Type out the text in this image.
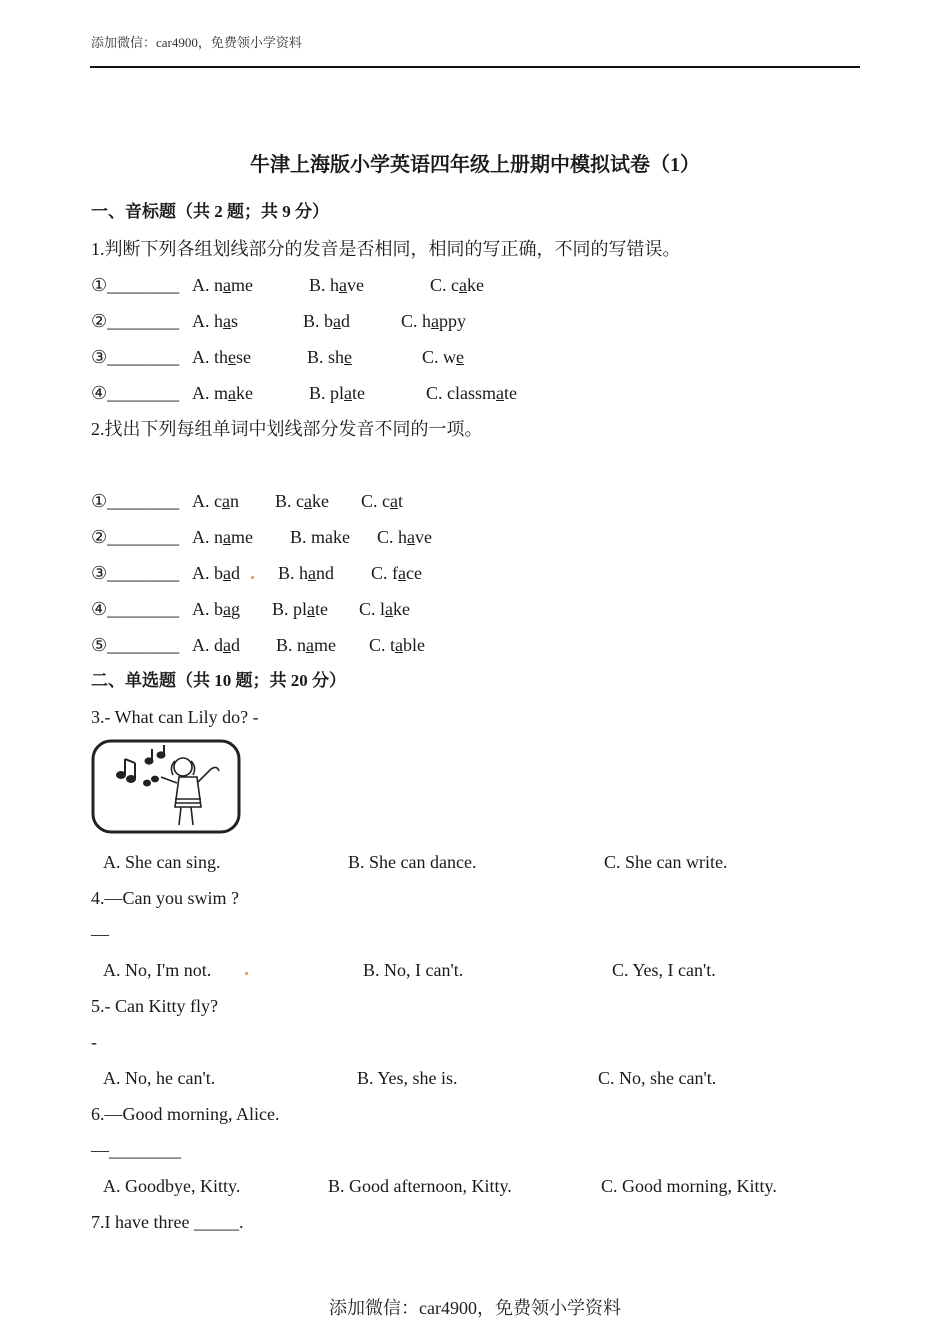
添加微信：car4900，免费领小学资料
牛津上海版小学英语四年级上册期中模拟试卷（1）
一、音标题（共 2 题；共 9 分）
1.判断下列各组划线部分的发音是否相同，相同的写正确，不同的写错误。
①________ A. name	B. have	C. cake
②________ A. has	B. bad	C. happy
③________ A. these	B. she	C. we
④________ A. make	B. plate	C. classmate
2.找出下列每组单词中划线部分发音不同的一项。
①________ A. can B. cake C. cat
②________ A. name B. make C. have
③________ A. bad B. hand C. face
④________ A. bag B. plate C. lake
⑤________ A. dad B. name C. table
二、单选题（共 10 题；共 20 分）
3.- What can Lily do? -
A. She can sing.	B. She can dance.	C. She can write.
4.—Can you swim ?
—
A. No, I'm not.	B. No, I can't.	C. Yes, I can't.
5.- Can Kitty fly?
-
A. No, he can't.	B. Yes, she is.	C. No, she can't.
6.—Good morning, Alice.
—________
A. Goodbye, Kitty.	B. Good afternoon, Kitty.	C. Good morning, Kitty.
7.I have three _____.
添加微信：car4900，免费领小学资料
